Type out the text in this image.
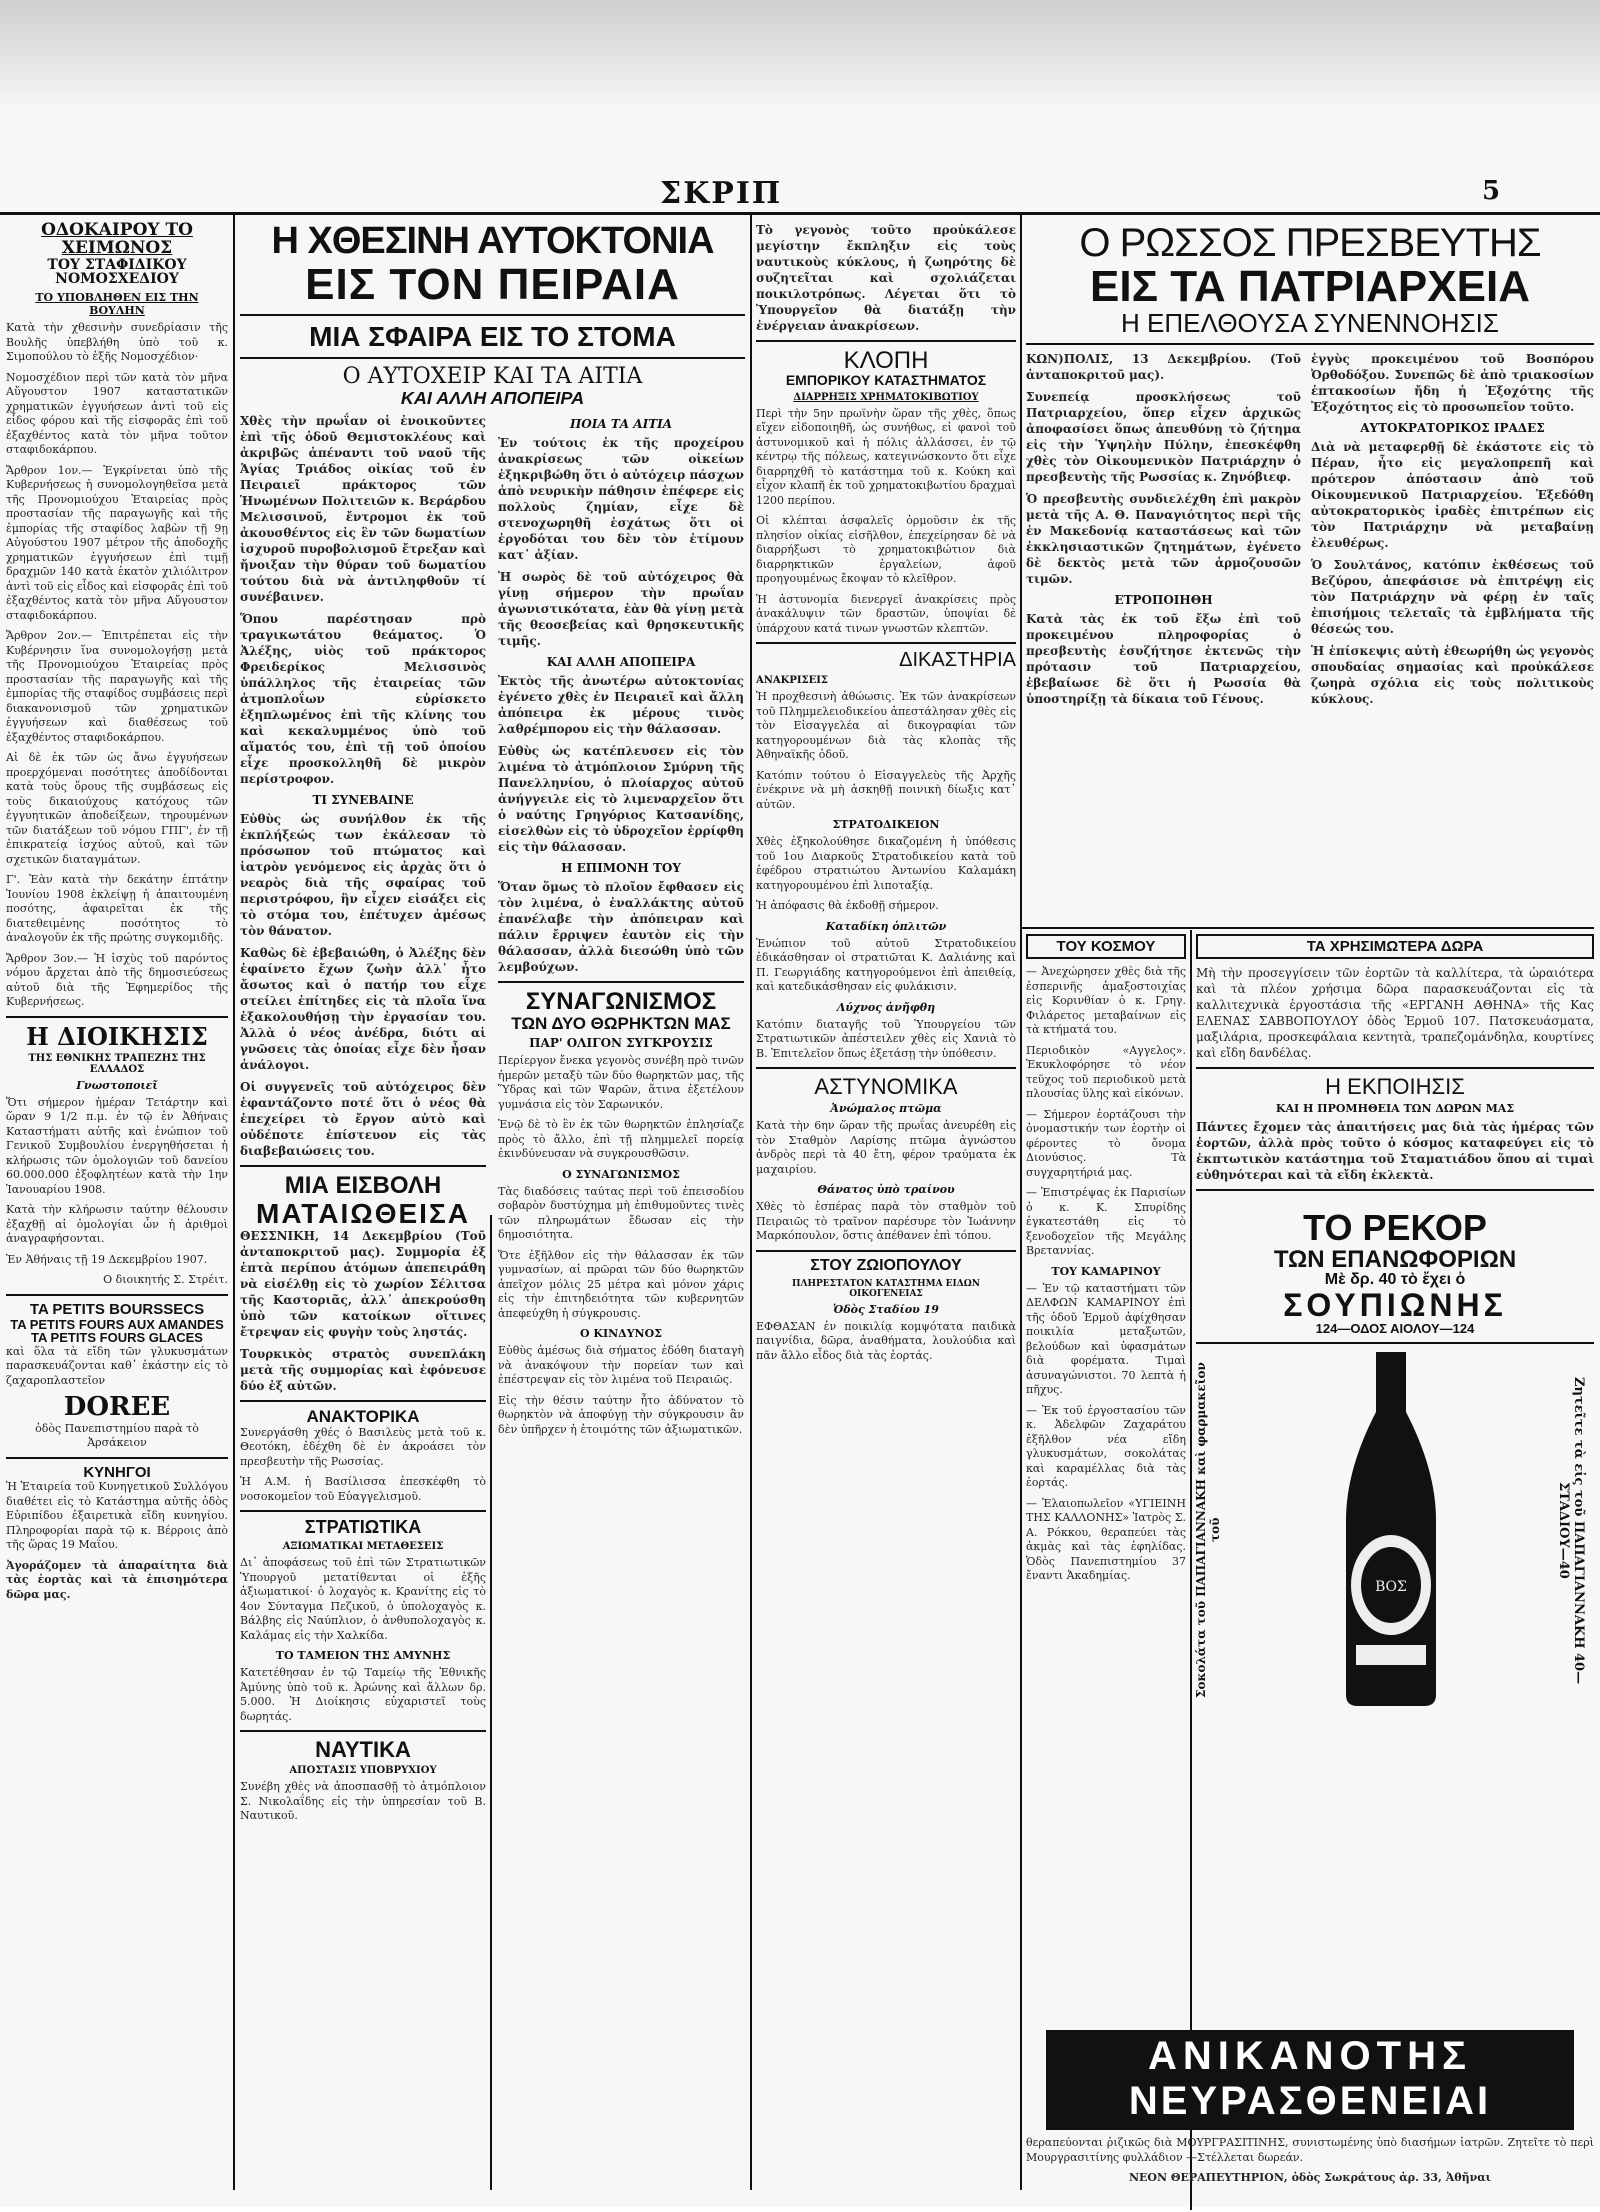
ΣΚΡΙΠ	5

ΟΔΟΚΑΙΡΟΥ ΤΟ ΧΕΙΜΩΝΟΣ

ΤΟΥ ΣΤΑΦΙΔΙΚΟΥ ΝΟΜΟΣΧΕΔΙΟΥ

ΤΟ ΥΠΟΒΛΗΘΕΝ ΕΙΣ ΤΗΝ ΒΟΥΛΗΝ

Κατὰ τὴν χθεσινὴν συνεδρίασιν τῆς Βουλῆς ὑπεβλήθη ὑπὸ τοῦ κ. Σιμοπούλου τὸ ἑξῆς Νομοσχέδιον·

Νομοσχέδιον περὶ τῶν κατὰ τὸν μῆνα Αὔγουστον 1907 καταστατικῶν χρηματικῶν ἐγγυήσεων ἀντὶ τοῦ εἰς εἶδος φόρου καὶ τῆς εἰσφορᾶς ἐπὶ τοῦ ἐξαχθέντος κατὰ τὸν μῆνα τοῦτον σταφιδοκάρπου.

Ἄρθρον 1ον.— Ἐγκρίνεται ὑπὸ τῆς Κυβερνήσεως ἡ συνομολογηθεῖσα μετὰ τῆς Προνομιούχου Ἑταιρείας πρὸς προστασίαν τῆς παραγωγῆς καὶ τῆς ἐμπορίας τῆς σταφίδος λαβὼν τῇ 9ῃ Αὐγούστου 1907 μέτρον τῆς ἀποδοχῆς χρηματικῶν ἐγγυήσεων ἐπὶ τιμῇ δραχμῶν 140 κατὰ ἑκατὸν χιλιόλιτρον ἀντὶ τοῦ εἰς εἶδος καὶ εἰσφορᾶς ἐπὶ τοῦ ἐξαχθέντος κατὰ τὸν μῆνα Αὔγουστον σταφιδοκάρπου.

Ἄρθρον 2ον.— Ἐπιτρέπεται εἰς τὴν Κυβέρνησιν ἵνα συνομολογήσῃ μετὰ τῆς Προνομιούχου Ἑταιρείας πρὸς προστασίαν τῆς παραγωγῆς καὶ τῆς ἐμπορίας τῆς σταφίδος συμβάσεις περὶ διακανονισμοῦ τῶν χρηματικῶν ἐγγυήσεων καὶ διαθέσεως τοῦ ἐξαχθέντος σταφιδοκάρπου.

Αἱ δὲ ἐκ τῶν ὡς ἄνω ἐγγυήσεων προερχόμεναι ποσότητες ἀποδίδονται κατὰ τοὺς ὅρους τῆς συμβάσεως εἰς τοὺς δικαιούχους κατόχους τῶν ἐγγυητικῶν ἀποδείξεων, τηρουμένων τῶν διατάξεων τοῦ νόμου ΓΠΓ', ἐν τῇ ἐπικρατείᾳ ἰσχύος αὐτοῦ, καὶ τῶν σχετικῶν διαταγμάτων.

Γ'. Ἐὰν κατὰ τὴν δεκάτην ἑπτάτην Ἰουνίου 1908 ἐκλείψῃ ἡ ἀπαιτουμένη ποσότης, ἀφαιρεῖται ἐκ τῆς διατεθειμένης ποσότητος τὸ ἀναλογοῦν ἐκ τῆς πρώτης συγκομιδῆς.

Ἄρθρον 3ον.— Ἡ ἰσχὺς τοῦ παρόντος νόμου ἄρχεται ἀπὸ τῆς δημοσιεύσεως αὐτοῦ διὰ τῆς Ἐφημερίδος τῆς Κυβερνήσεως.

Η ΔΙΟΙΚΗΣΙΣ

ΤΗΣ ΕΘΝΙΚΗΣ ΤΡΑΠΕΖΗΣ ΤΗΣ ΕΛΛΑΔΟΣ

Γνωστοποιεῖ

Ὅτι σήμερον ἡμέραν Τετάρτην καὶ ὥραν 9 1/2 π.μ. ἐν τῷ ἐν Ἀθήναις Καταστήματι αὐτῆς καὶ ἐνώπιον τοῦ Γενικοῦ Συμβουλίου ἐνεργηθήσεται ἡ κλήρωσις τῶν ὁμολογιῶν τοῦ δανείου 60.000.000 ἐξοφλητέων κατὰ τὴν 1ην Ἰανουαρίου 1908.

Κατὰ τὴν κλήρωσιν ταύτην θέλουσιν ἐξαχθῇ αἱ ὁμολογίαι ὧν ἡ ἀριθμοὶ ἀναγραφήσονται.

Ἐν Ἀθήναις τῇ 19 Δεκεμβρίου 1907.

Ο διοικητής Σ. Στρέιτ.

TA PETITS BOURSSECS

TA PETITS FOURS AUX AMANDES

TA PETITS FOURS GLACES

καὶ ὅλα τὰ εἴδη τῶν γλυκυσμάτων παρασκευάζονται καθ᾽ ἑκάστην εἰς τὸ ζαχαροπλαστεῖον

DOREE

ὁδὸς Πανεπιστημίου παρὰ τὸ Ἀρσάκειον

ΚΥΝΗΓΟΙ

Ἡ Ἑταιρεία τοῦ Κυνηγετικοῦ Συλλόγου διαθέτει εἰς τὸ Κατάστημα αὐτῆς ὁδὸς Εὐριπίδου ἐξαιρετικὰ εἴδη κυνηγίου. Πληροφορίαι παρὰ τῷ κ. Βέρροις ἀπὸ τῆς ὥρας 19 Μαΐου.

Ἀγοράζομεν τὰ ἀπαραίτητα διὰ τὰς ἑορτὰς καὶ τὰ ἐπισημότερα δῶρα μας.

Η ΧΘΕΣΙΝΗ ΑΥΤΟΚΤΟΝΙΑ

ΕΙΣ ΤΟΝ ΠΕΙΡΑΙΑ

ΜΙΑ ΣΦΑΙΡΑ ΕΙΣ ΤΟ ΣΤΟΜΑ

Ο ΑΥΤΟΧΕΙΡ ΚΑΙ ΤΑ ΑΙΤΙΑ

ΚΑΙ ΑΛΛΗ ΑΠΟΠΕΙΡΑ

Χθὲς τὴν πρωΐαν οἱ ἐνοικοῦντες ἐπὶ τῆς ὁδοῦ Θεμιστοκλέους καὶ ἀκριβῶς ἀπέναντι τοῦ ναοῦ τῆς Ἁγίας Τριάδος οἰκίας τοῦ ἐν Πειραιεῖ πράκτορος τῶν Ἡνωμένων Πολιτειῶν κ. Βεράρδου Μελισσινοῦ, ἔντρομοι ἐκ τοῦ ἀκουσθέντος εἰς ἓν τῶν δωματίων ἰσχυροῦ πυροβολισμοῦ ἔτρεξαν καὶ ἤνοιξαν τὴν θύραν τοῦ δωματίου τούτου διὰ νὰ ἀντιληφθοῦν τί συνέβαινεν.

Ὅπου παρέστησαν πρὸ τραγικωτάτου θεάματος. Ὁ Ἀλέξης, υἱὸς τοῦ πράκτορος Φρειδερίκος Μελισσινὸς ὑπάλληλος τῆς ἑταιρείας τῶν ἀτμοπλοΐων εὑρίσκετο ἐξηπλωμένος ἐπὶ τῆς κλίνης του καὶ κεκαλυμμένος ὑπὸ τοῦ αἵματός του, ἐπὶ τῇ τοῦ ὁποίου εἶχε προσκολληθῆ δὲ μικρὸν περίστροφον.

ΤΙ ΣΥΝΕΒΑΙΝΕ

Εὐθὺς ὡς συνήλθον ἐκ τῆς ἐκπλήξεώς των ἐκάλεσαν τὸ πρόσωπον τοῦ πτώματος καὶ ἰατρὸν γενόμενος εἰς ἀρχὰς ὅτι ὁ νεαρὸς διὰ τῆς σφαίρας τοῦ περιστρόφου, ἣν εἶχεν εἰσάξει εἰς τὸ στόμα του, ἐπέτυχεν ἀμέσως τὸν θάνατον.

Καθὼς δὲ ἐβεβαιώθη, ὁ Ἀλέξης δὲν ἐφαίνετο ἔχων ζωὴν ἀλλ᾽ ἦτο ἄσωτος καὶ ὁ πατήρ του εἶχε στείλει ἐπίτηδες εἰς τὰ πλοῖα ἵνα ἐξακολουθήσῃ τὴν ἐργασίαν του. Ἀλλὰ ὁ νέος ἀνέδρα, διότι αἱ γνῶσεις τὰς ὁποίας εἶχε δὲν ἦσαν ἀνάλογοι.

Οἱ συγγενεῖς τοῦ αὐτόχειρος δὲν ἐφαντάζοντο ποτέ ὅτι ὁ νέος θὰ ἐπεχείρει τὸ ἔργον αὐτὸ καὶ οὐδέποτε ἐπίστευον εἰς τὰς διαβεβαιώσεις του.

ΜΙΑ ΕΙΣΒΟΛΗ

ΜΑΤΑΙΩΘΕΙΣΑ

ΘΕΣΣΝΙΚΗ, 14 Δεκεμβρίου (Τοῦ ἀνταποκριτοῦ μας). Συμμορία ἐξ ἑπτὰ περίπου ἀτόμων ἀπεπειράθη νὰ εἰσέλθῃ εἰς τὸ χωρίον Σέλιτσα τῆς Καστοριᾶς, ἀλλ᾽ ἀπεκρούσθη ὑπὸ τῶν κατοίκων οἵτινες ἔτρεψαν εἰς φυγὴν τοὺς ληστάς.

Τουρκικὸς στρατὸς συνεπλάκη μετὰ τῆς συμμορίας καὶ ἐφόνευσε δύο ἐξ αὐτῶν.

ΑΝΑΚΤΟΡΙΚΑ

Συνεργάσθη χθές ὁ Βασιλεὺς μετὰ τοῦ κ. Θεοτόκη, ἐδέχθη δὲ ἐν ἀκροάσει τὸν πρεσβευτὴν τῆς Ρωσσίας.

Ἡ Α.Μ. ἡ Βασίλισσα ἐπεσκέφθη τὸ νοσοκομεῖον τοῦ Εὐαγγελισμοῦ.

ΣΤΡΑΤΙΩΤΙΚΑ

ΑΞΙΩΜΑΤΙΚΑΙ ΜΕΤΑΘΕΣΕΙΣ

Δι᾽ ἀποφάσεως τοῦ ἐπὶ τῶν Στρατιωτικῶν Ὑπουργοῦ μετατίθενται οἱ ἑξῆς ἀξιωματικοί· ὁ λοχαγὸς κ. Κρανίτης εἰς τὸ 4ον Σύνταγμα Πεζικοῦ, ὁ ὑπολοχαγὸς κ. Βάλβης εἰς Ναύπλιον, ὁ ἀνθυπολοχαγὸς κ. Καλάμας εἰς τὴν Χαλκίδα.

ΤΟ ΤΑΜΕΙΟΝ ΤΗΣ ΑΜΥΝΗΣ

Κατετέθησαν ἐν τῷ Ταμείῳ τῆς Ἐθνικῆς Ἀμύνης ὑπὸ τοῦ κ. Ἀρώνης καὶ ἄλλων δρ. 5.000. Ἡ Διοίκησις εὐχαριστεῖ τοὺς δωρητάς.

ΝΑΥΤΙΚΑ

ΑΠΟΣΤΑΣΙΣ ΥΠΟΒΡΥΧΙΟΥ

Συνέβη χθὲς νὰ ἀποσπασθῇ τὸ ἀτμόπλοιον Σ. Νικολαΐδης εἰς τὴν ὑπηρεσίαν τοῦ Β. Ναυτικοῦ.

ΠΟΙΑ ΤΑ ΑΙΤΙΑ

Ἐν τούτοις ἐκ τῆς προχείρου ἀνακρίσεως τῶν οἰκείων ἐξηκριβώθη ὅτι ὁ αὐτόχειρ πάσχων ἀπὸ νευρικὴν πάθησιν ἐπέφερε εἰς πολλοὺς ζημίαν, εἶχε δὲ στενοχωρηθῆ ἐσχάτως ὅτι οἱ ἐργοδόται του δὲν τὸν ἐτίμουν κατ᾽ ἀξίαν.

Ἡ σωρὸς δὲ τοῦ αὐτόχειρος θὰ γίνῃ σήμερον τὴν πρωΐαν ἀγωνιστικότατα, ἐὰν θὰ γίνῃ μετὰ τῆς θεοσεβείας καὶ θρησκευτικῆς τιμῆς.

ΚΑΙ ΑΛΛΗ ΑΠΟΠΕΙΡΑ

Ἐκτὸς τῆς ἀνωτέρω αὐτοκτονίας ἐγένετο χθὲς ἐν Πειραιεῖ καὶ ἄλλη ἀπόπειρα ἐκ μέρους τινὸς λαθρέμπορου εἰς τὴν θάλασσαν.

Εὐθὺς ὡς κατέπλευσεν εἰς τὸν λιμένα τὸ ἀτμόπλοιον Σμύρνη τῆς Πανελληνίου, ὁ πλοίαρχος αὐτοῦ ἀνήγγειλε εἰς τὸ λιμεναρχεῖον ὅτι ὁ ναύτης Γρηγόριος Κατσανίδης, εἰσελθὼν εἰς τὸ ὑδροχεῖον ἐρρίφθη εἰς τὴν θάλασσαν.

Η ΕΠΙΜΟΝΗ ΤΟΥ

Ὅταν ὅμως τὸ πλοῖον ἔφθασεν εἰς τὸν λιμένα, ὁ ἐναλλάκτης αὐτοῦ ἐπανέλαβε τὴν ἀπόπειραν καὶ πάλιν ἔρριψεν ἑαυτὸν εἰς τὴν θάλασσαν, ἀλλὰ διεσώθη ὑπὸ τῶν λεμβούχων.

ΣΥΝΑΓΩΝΙΣΜΟΣ

ΤΩΝ ΔΥΟ ΘΩΡΗΚΤΩΝ ΜΑΣ

ΠΑΡ' ΟΛΙΓΟΝ ΣΥΓΚΡΟΥΣΙΣ

Περίεργον ἔνεκα γεγονὸς συνέβη πρὸ τινῶν ἡμερῶν μεταξὺ τῶν δύο θωρηκτῶν μας, τῆς Ὕδρας καὶ τῶν Ψαρῶν, ἅτινα ἐξετέλουν γυμνάσια εἰς τὸν Σαρωνικόν.

Ἐνῷ δὲ τὸ ἓν ἐκ τῶν θωρηκτῶν ἐπλησίαζε πρὸς τὸ ἄλλο, ἐπὶ τῇ πλημμελεῖ πορείᾳ ἐκινδύνευσαν νὰ συγκρουσθῶσιν.

Ο ΣΥΝΑΓΩΝΙΣΜΟΣ

Τὰς διαδόσεις ταύτας περὶ τοῦ ἐπεισοδίου σοβαρὸν δυστύχημα μὴ ἐπιθυμοῦντες τινὲς τῶν πληρωμάτων ἔδωσαν εἰς τὴν δημοσιότητα.

Ὅτε ἐξῆλθον εἰς τὴν θάλασσαν ἐκ τῶν γυμνασίων, αἱ πρῶραι τῶν δύο θωρηκτῶν ἀπεῖχον μόλις 25 μέτρα καὶ μόνον χάρις εἰς τὴν ἐπιτηδειότητα τῶν κυβερνητῶν ἀπεφεύχθη ἡ σύγκρουσις.

Ο ΚΙΝΔΥΝΟΣ

Εὐθὺς ἀμέσως διὰ σήματος ἐδόθη διαταγὴ νὰ ἀνακόψουν τὴν πορείαν των καὶ ἐπέστρεψαν εἰς τὸν λιμένα τοῦ Πειραιῶς.

Εἰς τὴν θέσιν ταύτην ἦτο ἀδύνατον τὸ θωρηκτὸν νὰ ἀποφύγῃ τὴν σύγκρουσιν ἂν δὲν ὑπῆρχεν ἡ ἑτοιμότης τῶν ἀξιωματικῶν.

Τὸ γεγονὸς τοῦτο προὐκάλεσε μεγίστην ἔκπληξιν εἰς τοὺς ναυτικοὺς κύκλους, ἡ ζωηρότης δὲ συζητεῖται καὶ σχολιάζεται ποικιλοτρόπως. Λέγεται ὅτι τὸ Ὑπουργεῖον θὰ διατάξῃ τὴν ἐνέργειαν ἀνακρίσεων.

ΚΛΟΠΗ

ΕΜΠΟΡΙΚΟΥ ΚΑΤΑΣΤΗΜΑΤΟΣ

ΔΙΑΡΡΗΞΙΣ ΧΡΗΜΑΤΟΚΙΒΩΤΙΟΥ

Περὶ τὴν 5ην πρωϊνὴν ὥραν τῆς χθὲς, ὅπως εἴχεν εἰδοποιηθῆ, ὡς συνήθως, εἰ φανοὶ τοῦ ἀστυνομικοῦ καὶ ἡ πόλις ἀλλάσσει, ἐν τῷ κέντρῳ τῆς πόλεως, κατεγινώσκοντο ὅτι εἶχε διαρρηχθῆ τὸ κατάστημα τοῦ κ. Κούκη καὶ εἶχον κλαπῆ ἐκ τοῦ χρηματοκιβωτίου δραχμαὶ 1200 περίπου.

Οἱ κλέπται ἀσφαλεῖς ὁρμοῦσιν ἐκ τῆς πλησίον οἰκίας εἰσῆλθον, ἐπεχείρησαν δὲ νὰ διαρρήξωσι τὸ χρηματοκιβώτιον διὰ διαρρηκτικῶν ἐργαλείων, ἀφοῦ προηγουμένως ἔκοψαν τὸ κλεῖθρον.

Ἡ ἀστυνομία διενεργεῖ ἀνακρίσεις πρὸς ἀνακάλυψιν τῶν δραστῶν, ὑποψίαι δὲ ὑπάρχουν κατά τινων γνωστῶν κλεπτῶν.

ΔΙΚΑΣΤΗΡΙΑ

ΑΝΑΚΡΙΣΕΙΣ

Ἡ προχθεσινὴ ἀθώωσις. Ἐκ τῶν ἀνακρίσεων τοῦ Πλημμελειοδικείου ἀπεστάλησαν χθὲς εἰς τὸν Εἰσαγγελέα αἱ δικογραφίαι τῶν κατηγορουμένων διὰ τὰς κλοπὰς τῆς Ἀθηναϊκῆς ὁδοῦ.

Κατόπιν τούτου ὁ Εἰσαγγελεὺς τῆς Ἀρχῆς ἐνέκρινε νὰ μὴ ἀσκηθῇ ποινικὴ δίωξις κατ᾽ αὐτῶν.

ΣΤΡΑΤΟΔΙΚΕΙΟΝ

Χθὲς ἐξηκολούθησε δικαζομένη ἡ ὑπόθεσις τοῦ 1ου Διαρκοῦς Στρατοδικείου κατὰ τοῦ ἐφέδρου στρατιώτου Ἀντωνίου Καλαμάκη κατηγορουμένου ἐπὶ λιποταξίᾳ.

Ἡ ἀπόφασις θὰ ἐκδοθῇ σήμερον.

Καταδίκη ὁπλιτῶν

Ἐνώπιον τοῦ αὐτοῦ Στρατοδικείου ἐδικάσθησαν οἱ στρατιῶται Κ. Δαλιάνης καὶ Π. Γεωργιάδης κατηγορούμενοι ἐπὶ ἀπειθείᾳ, καὶ κατεδικάσθησαν εἰς φυλάκισιν.

Λύχνος ἀνῆφθη

Κατόπιν διαταγῆς τοῦ Ὑπουργείου τῶν Στρατιωτικῶν ἀπέστειλεν χθὲς εἰς Χανιὰ τὸ Β. Ἐπιτελεῖον ὅπως ἐξετάσῃ τὴν ὑπόθεσιν.

ΑΣΤΥΝΟΜΙΚΑ

Ἀνώμαλος πτῶμα

Κατὰ τὴν 6ην ὥραν τῆς πρωΐας ἀνευρέθη εἰς τὸν Σταθμὸν Λαρίσης πτῶμα ἀγνώστου ἀνδρὸς περὶ τὰ 40 ἔτη, φέρον τραύματα ἐκ μαχαιρίου.

Θάνατος ὑπὸ τραίνου

Χθὲς τὸ ἑσπέρας παρὰ τὸν σταθμὸν τοῦ Πειραιῶς τὸ τραῖνον παρέσυρε τὸν Ἰωάννην Μαρκόπουλον, ὅστις ἀπέθανεν ἐπὶ τόπου.

ΣΤΟΥ ΖΩΙΟΠΟΥΛΟΥ

ΠΛΗΡΕΣΤΑΤΟΝ ΚΑΤΑΣΤΗΜΑ ΕΙΔΩΝ ΟΙΚΟΓΕΝΕΙΑΣ

Ὁδὸς Σταδίου 19

ΕΦΘΑΣΑΝ ἐν ποικιλίᾳ κομψότατα παιδικὰ παιγνίδια, δῶρα, ἀναθήματα, λουλούδια καὶ πᾶν ἄλλο εἶδος διὰ τὰς ἑορτάς.

Ο ΡΩΣΣΟΣ ΠΡΕΣΒΕΥΤΗΣ

ΕΙΣ ΤΑ ΠΑΤΡΙΑΡΧΕΙΑ

Η ΕΠΕΛΘΟΥΣΑ ΣΥΝΕΝΝΟΗΣΙΣ

ΚΩΝ)ΠΟΛΙΣ, 13 Δεκεμβρίου. (Τοῦ ἀνταποκριτοῦ μας).

Συνεπείᾳ προσκλήσεως τοῦ Πατριαρχείου, ὅπερ εἶχεν ἀρχικῶς ἀποφασίσει ὅπως ἀπευθύνῃ τὸ ζήτημα εἰς τὴν Ὑψηλὴν Πύλην, ἐπεσκέφθη χθὲς τὸν Οἰκουμενικὸν Πατριάρχην ὁ πρεσβευτὴς τῆς Ρωσσίας κ. Ζηνόβιεφ.

Ὁ πρεσβευτὴς συνδιελέχθη ἐπὶ μακρὸν μετὰ τῆς Α. Θ. Παναγιότητος περὶ τῆς ἐν Μακεδονίᾳ καταστάσεως καὶ τῶν ἐκκλησιαστικῶν ζητημάτων, ἐγένετο δὲ δεκτὸς μετὰ τῶν ἁρμοζουσῶν τιμῶν.

ΕΤΡΟΠΟΙΗΘΗ

Κατὰ τὰς ἐκ τοῦ ἔξω ἐπὶ τοῦ προκειμένου πληροφορίας ὁ πρεσβευτὴς ἐσυζήτησε ἐκτενῶς τὴν πρότασιν τοῦ Πατριαρχείου, ἐβεβαίωσε δὲ ὅτι ἡ Ρωσσία θὰ ὑποστηρίξῃ τὰ δίκαια τοῦ Γένους.

ἐγγὺς προκειμένου τοῦ Βοσπόρου Ὀρθοδόξου. Συνεπῶς δὲ ἀπὸ τριακοσίων ἑπτακοσίων ἤδη ἡ Ἐξοχότης τῆς Ἐξοχότητος εἰς τὸ προσωπεῖον τοῦτο.

ΑΥΤΟΚΡΑΤΟΡΙΚΟΣ ΙΡΑΔΕΣ

Διὰ νὰ μεταφερθῇ δὲ ἑκάστοτε εἰς τὸ Πέραν, ἦτο εἰς μεγαλοπρεπῆ καὶ πρότερον ἀπόστασιν ἀπὸ τοῦ Οἰκουμενικοῦ Πατριαρχείου. Ἐξεδόθη αὐτοκρατορικὸς ἰραδὲς ἐπιτρέπων εἰς τὸν Πατριάρχην νὰ μεταβαίνῃ ἐλευθέρως.

Ὁ Σουλτάνος, κατόπιν ἐκθέσεως τοῦ Βεζύρου, ἀπεφάσισε νὰ ἐπιτρέψῃ εἰς τὸν Πατριάρχην νὰ φέρῃ ἐν ταῖς ἐπισήμοις τελεταῖς τὰ ἐμβλήματα τῆς θέσεώς του.

Ἡ ἐπίσκεψις αὐτὴ ἐθεωρήθη ὡς γεγονὸς σπουδαίας σημασίας καὶ προὐκάλεσε ζωηρὰ σχόλια εἰς τοὺς πολιτικοὺς κύκλους.

ΤΟΥ ΚΟΣΜΟΥ

— Ἀνεχώρησεν χθὲς διὰ τῆς ἑσπερινῆς ἀμαξοστοιχίας εἰς Κορινθίαν ὁ κ. Γρηγ. Φιλάρετος μεταβαίνων εἰς τὰ κτήματά του.

Περιοδικὸν «Αγγελος». Ἐκυκλοφόρησε τὸ νέον τεῦχος τοῦ περιοδικοῦ μετὰ πλουσίας ὕλης καὶ εἰκόνων.

— Σήμερον ἐορτάζουσι τὴν ὀνομαστικήν των ἑορτὴν οἱ φέροντες τὸ ὄνομα Διονύσιος. Τὰ συγχαρητήριά μας.

— Ἐπιστρέψας ἐκ Παρισίων ὁ κ. Κ. Σπυρίδης ἐγκατεστάθη εἰς τὸ ξενοδοχεῖον τῆς Μεγάλης Βρεταννίας.

ΤΟΥ ΚΑΜΑΡΙΝΟΥ

— Ἐν τῷ καταστήματι τῶν ΔΕΛΦΩΝ ΚΑΜΑΡΙΝΟΥ ἐπὶ τῆς ὁδοῦ Ἑρμοῦ ἀφίχθησαν ποικιλία μεταξωτῶν, βελούδων καὶ ὑφασμάτων διὰ φορέματα. Τιμαὶ ἀσυναγώνιστοι. 70 λεπτὰ ἡ πῆχυς.

— Ἐκ τοῦ ἐργοστασίου τῶν κ. Ἀδελφῶν Ζαχαράτου ἐξῆλθον νέα εἴδη γλυκυσμάτων, σοκολάτας καὶ καραμέλλας διὰ τὰς ἑορτάς.

— Ἐλαιοπωλεῖον «ΥΓΙΕΙΝΗ ΤΗΣ ΚΑΛΛΟΝΗΣ» Ἰατρὸς Σ. Α. Ρόκκου, θεραπεύει τὰς ἀκμὰς καὶ τὰς ἐφηλίδας. Ὁδὸς Πανεπιστημίου 37 ἔναντι Ἀκαδημίας.

ΤΑ ΧΡΗΣΙΜΩΤΕΡΑ ΔΩΡΑ

Μὴ τὴν προσεγγίσειν τῶν ἑορτῶν τὰ καλλίτερα, τὰ ὡραιότερα καὶ τὰ πλέον χρήσιμα δῶρα παρασκευάζονται εἰς τὰ καλλιτεχνικὰ ἐργοστάσια τῆς «ΕΡΓΑΝΗ ΑΘΗΝΑ» τῆς Κας ΕΛΕΝΑΣ ΣΑΒΒΟΠΟΥΛΟΥ ὁδὸς Ἑρμοῦ 107. Πατσκευάσματα, μαξιλάρια, προσκεφάλαια κεντητὰ, τραπεζομάνδηλα, κουρτίνες καὶ εἴδη δανδέλας.

Η ΕΚΠΟΙΗΣΙΣ

ΚΑΙ Η ΠΡΟΜΗΘΕΙΑ ΤΩΝ ΔΩΡΩΝ ΜΑΣ

Πάντες ἔχομεν τὰς ἀπαιτήσεις μας διὰ τὰς ἡμέρας τῶν ἑορτῶν, ἀλλὰ πρὸς τοῦτο ὁ κόσμος καταφεύγει εἰς τὸ ἐκπτωτικὸν κατάστημα τοῦ Σταματιάδου ὅπου αἱ τιμαὶ εὐθηνότεραι καὶ τὰ εἴδη ἐκλεκτὰ.

ΤΟ ΡΕΚΟΡ

ΤΩΝ ΕΠΑΝΩΦΟΡΙΩΝ

Μὲ δρ. 40 τὸ ἔχει ὁ

ΣΟΥΠΙΩΝΗΣ

124—ΟΔΟΣ ΑΙΟΛΟΥ—124

Σοκολάτα τοῦ ΠΑΠΑΓΙΑΝΝΑΚΗ καὶ φαρμακεῖον τοῦ
ΒΟΣ	Ζητεῖτε τὰ εἰς τοῦ ΠΑΠΑΓΙΑΝΝΑΚΗ 40—ΣΤΑΔΙΟΥ—40
ΑΝΙΚΑΝΟΤΗΣ
ΝΕΥΡΑΣΘΕΝΕΙΑΙ

θεραπεύονται ῥιζικῶς διὰ ΜΟΥΡΓΡΑΣΙΤΙΝΗΣ, συνιστωμένης ὑπὸ διασήμων ἰατρῶν. Ζητεῖτε τὸ περὶ Μουργρασιτίνης φυλλάδιον —Στέλλεται δωρεάν.

ΝΕΟΝ ΘΕΡΑΠΕΥΤΗΡΙΟΝ, ὁδὸς Σωκράτους ἀρ. 33, Ἀθῆναι
